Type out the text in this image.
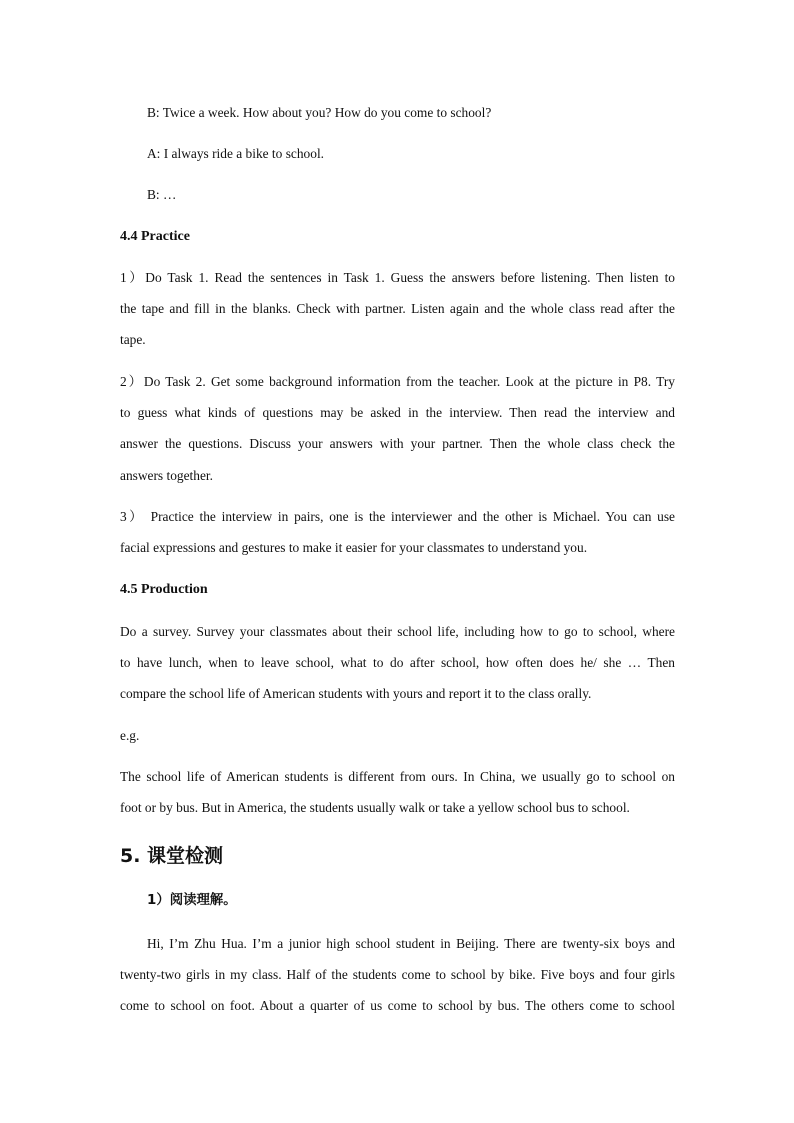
B: Twice a week. How about you? How do you come to school?
A: I always ride a bike to school.
B: …
4.4 Practice
1）Do Task 1. Read the sentences in Task 1. Guess the answers before listening. Then listen to
the tape and fill in the blanks. Check with partner. Listen again and the whole class read after the
tape.
2）Do Task 2. Get some background information from the teacher. Look at the picture in P8. Try
to guess what kinds of questions may be asked in the interview. Then read the interview and
answer the questions. Discuss your answers with your partner. Then the whole class check the
answers together.
3） Practice the interview in pairs, one is the interviewer and the other is Michael. You can use
facial expressions and gestures to make it easier for your classmates to understand you.
4.5 Production
Do a survey. Survey your classmates about their school life, including how to go to school, where
to have lunch, when to leave school, what to do after school, how often does he/ she … Then
compare the school life of American students with yours and report it to the class orally.
e.g.
The school life of American students is different from ours. In China, we usually go to school on
foot or by bus. But in America, the students usually walk or take a yellow school bus to school.
5. 课堂检测
1）阅读理解。
Hi, I’m Zhu Hua. I’m a junior high school student in Beijing. There are twenty-six boys and
twenty-two girls in my class. Half of the students come to school by bike. Five boys and four girls
come to school on foot. About a quarter of us come to school by bus. The others come to school
